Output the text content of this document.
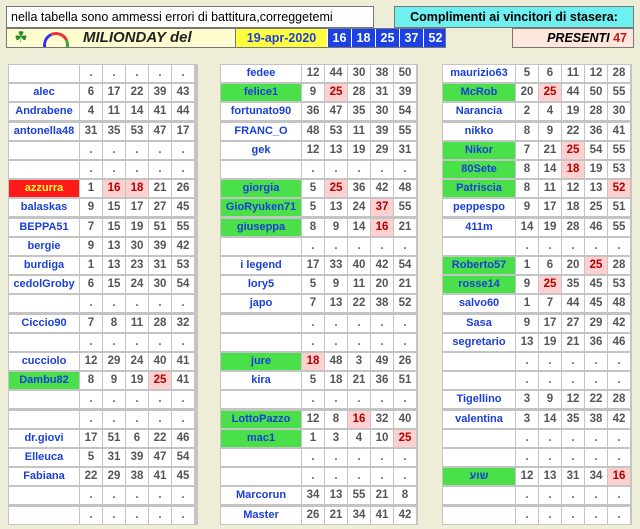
nella tabella sono ammessi errori di battitura,correggetemi	Complimenti ai vincitori di stasera:
☘	MILIONDAY del	19-apr-2020	16 18 25 37 52	PRESENTI 47
.	.	.	.	.
alec	6	17 22 39 43
Andrabene	4	11 14 41 44
antonella48 31 35 53 47 17
.	.	.	.	.
.	.	.	.	.
azzurra	1	16 18 21 26
balaskas	9	15 17 27 45
BEPPA51	7	15 19 51 55
bergie	9	13 30 39 42
burdiga	1	13 23 31 53
cedolGroby	6	15 24 30 54
.	.	.	.	.
Ciccio90	7	8	11 28 32
.	.	.	.	.
cucciolo	12 29 24 40 41
Dambu82	8	9	19 25 41
.	.	.	.	.
.	.	.	.	.
dr.giovi	17 51	6	22 46
Elleuca	5	31 39 47 54
Fabiana	22 29 38 41 45
.	.	.	.	.
.	.	.	.	.
fedee	12 44 30 38 50
felice1	9	25 28 31 39
fortunato90	36 47 35 30 54
FRANC_O	48 53 11 39 55
gek	12 13 19 29 31
.	.	.	.	.
giorgia	5	25 36 42 48
GioRyuken71	5	13 24 37 55
giuseppa	8	9	14 16 21
.	.	.	.	.
i legend	17 33 40 42 54
lory5	5	9	11 20 21
japo	7	13 22 38 52
.	.	.	.	.
.	.	.	.	.
jure	18 48	3	49 26
kira	5	18 21 36 51
.	.	.	.	.
LottoPazzo	12	8	16 32 40
mac1	1	3	4	10 25
.	.	.	.	.
.	.	.	.	.
Marcorun	34 13 55 21	8
Master	26 21 34 41 42
maurizio63	5	6	11 12 28
McRob	20 25 44 50 55
Narancia	2	4	19 28 30
nikko	8	9	22 36 41
Nikor	7	21 25 54 55
80Sete	8	14 18 19 53
Patriscia	8	11 12 13 52
peppespo	9	17 18 25 51
411m	14 19 28 46 55
.	.	.	.	.
Roberto57	1	6	20 25 28
rosse14	9	25 35 45 53
salvo60	1	7	44 45 48
Sasa	9	17 27 29 42
segretario	13 19 21 36 46
.	.	.	.	.
.	.	.	.	.
Tigellino	3	9	12 22 28
valentina	3	14 35 38 42
.	.	.	.	.
.	.	.	.	.
שוע	12 13 31 34 16
.	.	.	.	.
.	.	.	.	.
